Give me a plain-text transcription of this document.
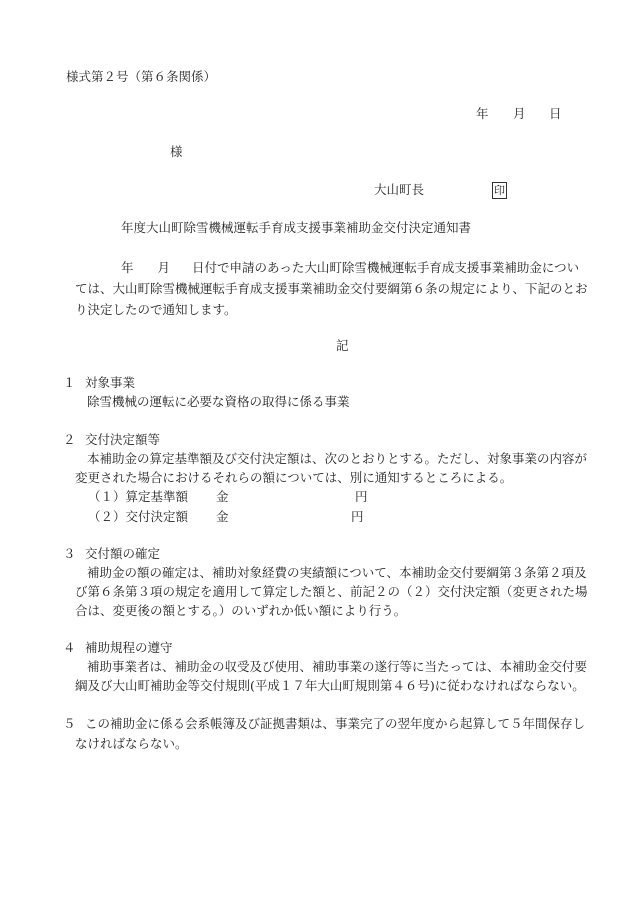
様式第２号（第６条関係）
年 月 日
様
大山町長	印
年度大山町除雪機械運転手育成支援事業補助金交付決定通知書
年 月 日付で申請のあった大山町除雪機械運転手育成支援事業補助金につい
ては、大山町除雪機械運転手育成支援事業補助金交付要綱第６条の規定により、下記のとお
り決定したので通知します。
記
１ 対象事業
除雪機械の運転に必要な資格の取得に係る事業
２ 交付決定額等
本補助金の算定基準額及び交付決定額は、次のとおりとする。ただし、対象事業の内容が
変更された場合におけるそれらの額については、別に通知するところによる。
（１）算定基準額 金	円
（２）交付決定額 金	円
３ 交付額の確定
補助金の額の確定は、補助対象経費の実績額について、本補助金交付要綱第３条第２項及
び第６条第３項の規定を適用して算定した額と、前記２の（２）交付決定額（変更された場
合は、変更後の額とする。）のいずれか低い額により行う。
４ 補助規程の遵守
補助事業者は、補助金の収受及び使用、補助事業の遂行等に当たっては、本補助金交付要
綱及び大山町補助金等交付規則(平成１７年大山町規則第４６号)に従わなければならない。
５ この補助金に係る会系帳簿及び証拠書類は、事業完了の翌年度から起算して５年間保存し
なければならない。
